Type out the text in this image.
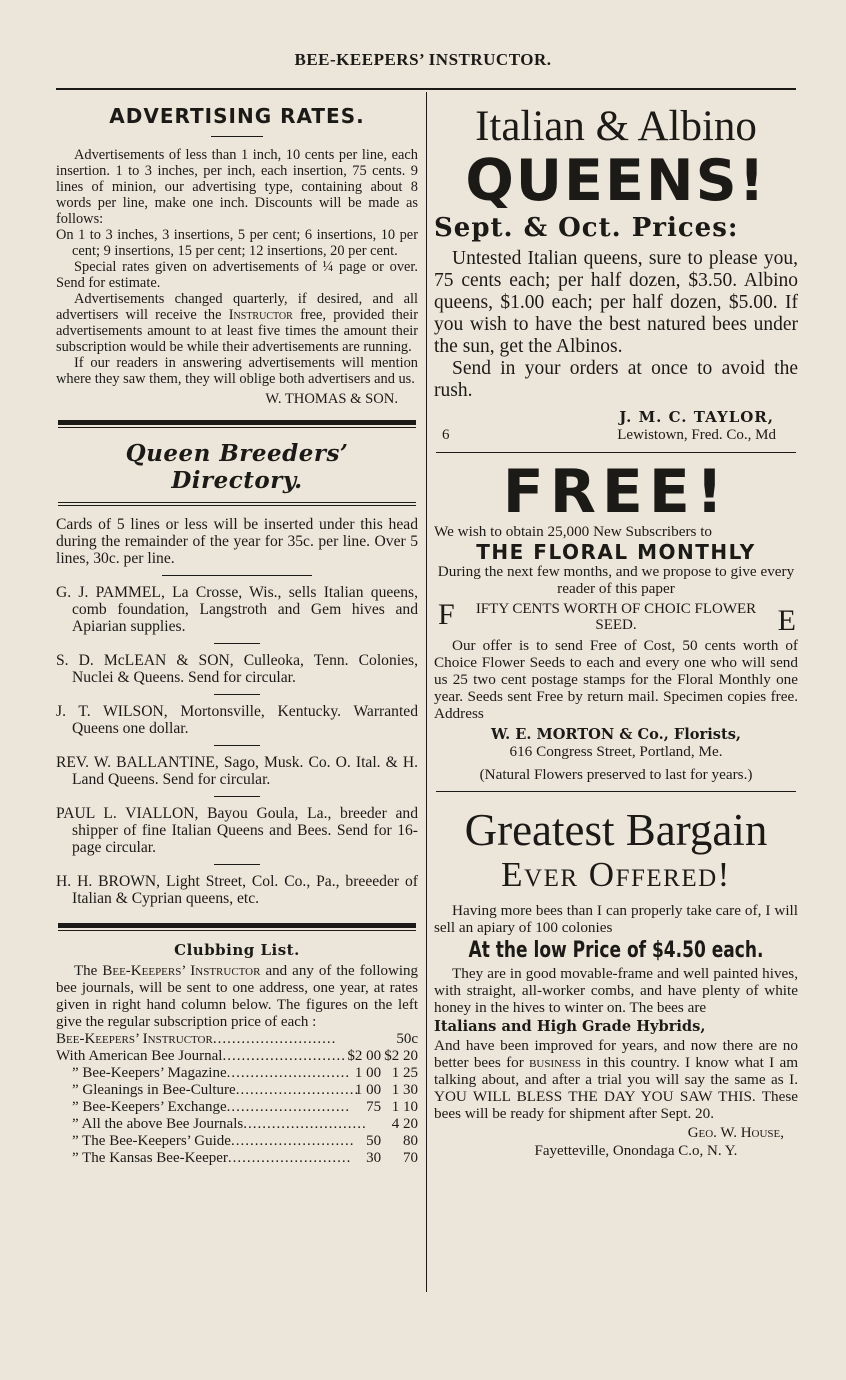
BEE-KEEPERS’ INSTRUCTOR.
ADVERTISING RATES.

Advertisements of less than 1 inch, 10 cents per line, each insertion. 1 to 3 inches, per inch, each insertion, 75 cents. 9 lines of minion, our advertising type, containing about 8 words per line, make one inch. Discounts will be made as follows:

On 1 to 3 inches, 3 insertions, 5 per cent; 6 insertions, 10 per cent; 9 insertions, 15 per cent; 12 insertions, 20 per cent.

Special rates given on advertisements of ¼ page or over. Send for estimate.

Advertisements changed quarterly, if desired, and all advertisers will receive the Instructor free, provided their advertisements amount to at least five times the amount their subscription would be while their advertisements are running.

If our readers in answering advertisements will mention where they saw them, they will oblige both advertisers and us.

W. THOMAS & SON.
Queen Breeders’ Directory.

Cards of 5 lines or less will be inserted under this head during the remainder of the year for 35c. per line. Over 5 lines, 30c. per line.

G. J. PAMMEL, La Crosse, Wis., sells Italian queens, comb foundation, Langstroth and Gem hives and Apiarian supplies.

S. D. McLEAN & SON, Culleoka, Tenn. Colonies, Nuclei & Queens. Send for circular.

J. T. WILSON, Mortonsville, Kentucky. Warranted Queens one dollar.

REV. W. BALLANTINE, Sago, Musk. Co. O. Ital. & H. Land Queens. Send for circular.

PAUL L. VIALLON, Bayou Goula, La., breeder and shipper of fine Italian Queens and Bees. Send for 16-page circular.

H. H. BROWN, Light Street, Col. Co., Pa., breeeder of Italian & Cyprian queens, etc.

Clubbing List.

The Bee-Keepers’ Instructor and any of the following bee journals, will be sent to one address, one year, at rates given in right hand column below. The figures on the left give the regular subscription price of each :

Bee-Keepers’ Instructor..........................		50c
With American Bee Journal..........................	$2 00	$2 20
” Bee-Keepers’ Magazine..........................	1 00	1 25
” Gleanings in Bee-Culture..........................	1 00	1 30
” Bee-Keepers’ Exchange..........................	75	1 10
” All the above Bee Journals..........................		4 20
” The Bee-Keepers’ Guide..........................	50	80
” The Kansas Bee-Keeper..........................	30	70
Italian & Albino
QUEENS!
Sept. & Oct. Prices:

Untested Italian queens, sure to please you, 75 cents each; per half dozen, $3.50. Albino queens, $1.00 each; per half dozen, $5.00. If you wish to have the best natured bees under the sun, get the Albinos.

Send in your orders at once to avoid the rush.

J. M. C. TAYLOR,
6	Lewistown, Fred. Co., Md
FREE!

We wish to obtain 25,000 New Subscribers to

THE FLORAL MONTHLY

During the next few months, and we propose to give every reader of this paper

F IFTY CENTS WORTH OF CHOIC FLOWER SEED.	E

Our offer is to send Free of Cost, 50 cents worth of Choice Flower Seeds to each and every one who will send us 25 two cent postage stamps for the Floral Monthly one year. Seeds sent Free by return mail. Specimen copies free. Address

W. E. MORTON & Co., Florists,

616 Congress Street, Portland, Me.

(Natural Flowers preserved to last for years.)

Greatest Bargain
Ever Offered!

Having more bees than I can properly take care of, I will sell an apiary of 100 colonies

At the low Price of $4.50 each.

They are in good movable-frame and well painted hives, with straight, all-worker combs, and have plenty of white honey in the hives to winter on. The bees are

Italians and High Grade Hybrids,

And have been improved for years, and now there are no better bees for business in this country. I know what I am talking about, and after a trial you will say the same as I. YOU WILL BLESS THE DAY YOU SAW THIS. These bees will be ready for shipment after Sept. 20.

Geo. W. House,
Fayetteville, Onondaga C.o, N. Y.
